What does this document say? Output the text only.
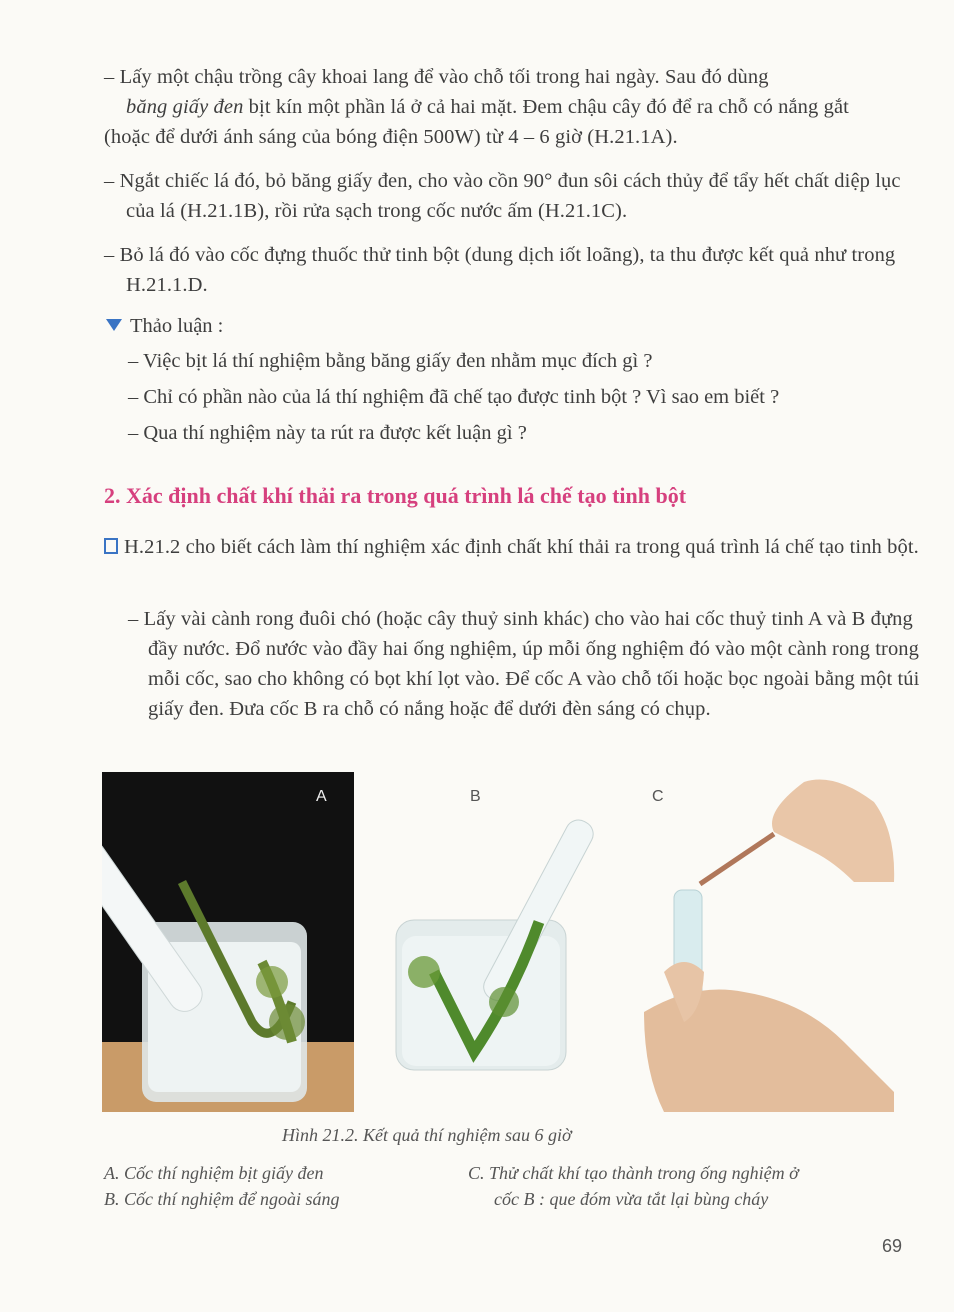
– Lấy một chậu trồng cây khoai lang để vào chỗ tối trong hai ngày. Sau đó dùng
băng giấy đen bịt kín một phần lá ở cả hai mặt. Đem chậu cây đó để ra chỗ có nắng gắt (hoặc để dưới ánh sáng của bóng điện 500W) từ 4 – 6 giờ (H.21.1A).

– Ngắt chiếc lá đó, bỏ băng giấy đen, cho vào cồn 90° đun sôi cách thủy để tẩy hết chất diệp lục của lá (H.21.1B), rồi rửa sạch trong cốc nước ấm (H.21.1C).

– Bỏ lá đó vào cốc đựng thuốc thử tinh bột (dung dịch iốt loãng), ta thu được kết quả như trong H.21.1.D.

Thảo luận :
– Việc bịt lá thí nghiệm bằng băng giấy đen nhằm mục đích gì ?
– Chỉ có phần nào của lá thí nghiệm đã chế tạo được tinh bột ? Vì sao em biết ?
– Qua thí nghiệm này ta rút ra được kết luận gì ?
2. Xác định chất khí thải ra trong quá trình lá chế tạo tinh bột

H.21.2 cho biết cách làm thí nghiệm xác định chất khí thải ra trong quá trình lá chế tạo tinh bột.

– Lấy vài cành rong đuôi chó (hoặc cây thuỷ sinh khác) cho vào hai cốc thuỷ tinh A và B đựng đầy nước. Đổ nước vào đầy hai ống nghiệm, úp mỗi ống nghiệm đó vào một cành rong trong mỗi cốc, sao cho không có bọt khí lọt vào. Để cốc A vào chỗ tối hoặc bọc ngoài bằng một túi giấy đen. Đưa cốc B ra chỗ có nắng hoặc để dưới đèn sáng có chụp.

A	B	C
Hình 21.2. Kết quả thí nghiệm sau 6 giờ
A. Cốc thí nghiệm bịt giấy đen
B. Cốc thí nghiệm để ngoài sáng
C. Thử chất khí tạo thành trong ống nghiệm ở
cốc B : que đóm vừa tắt lại bùng cháy
69
